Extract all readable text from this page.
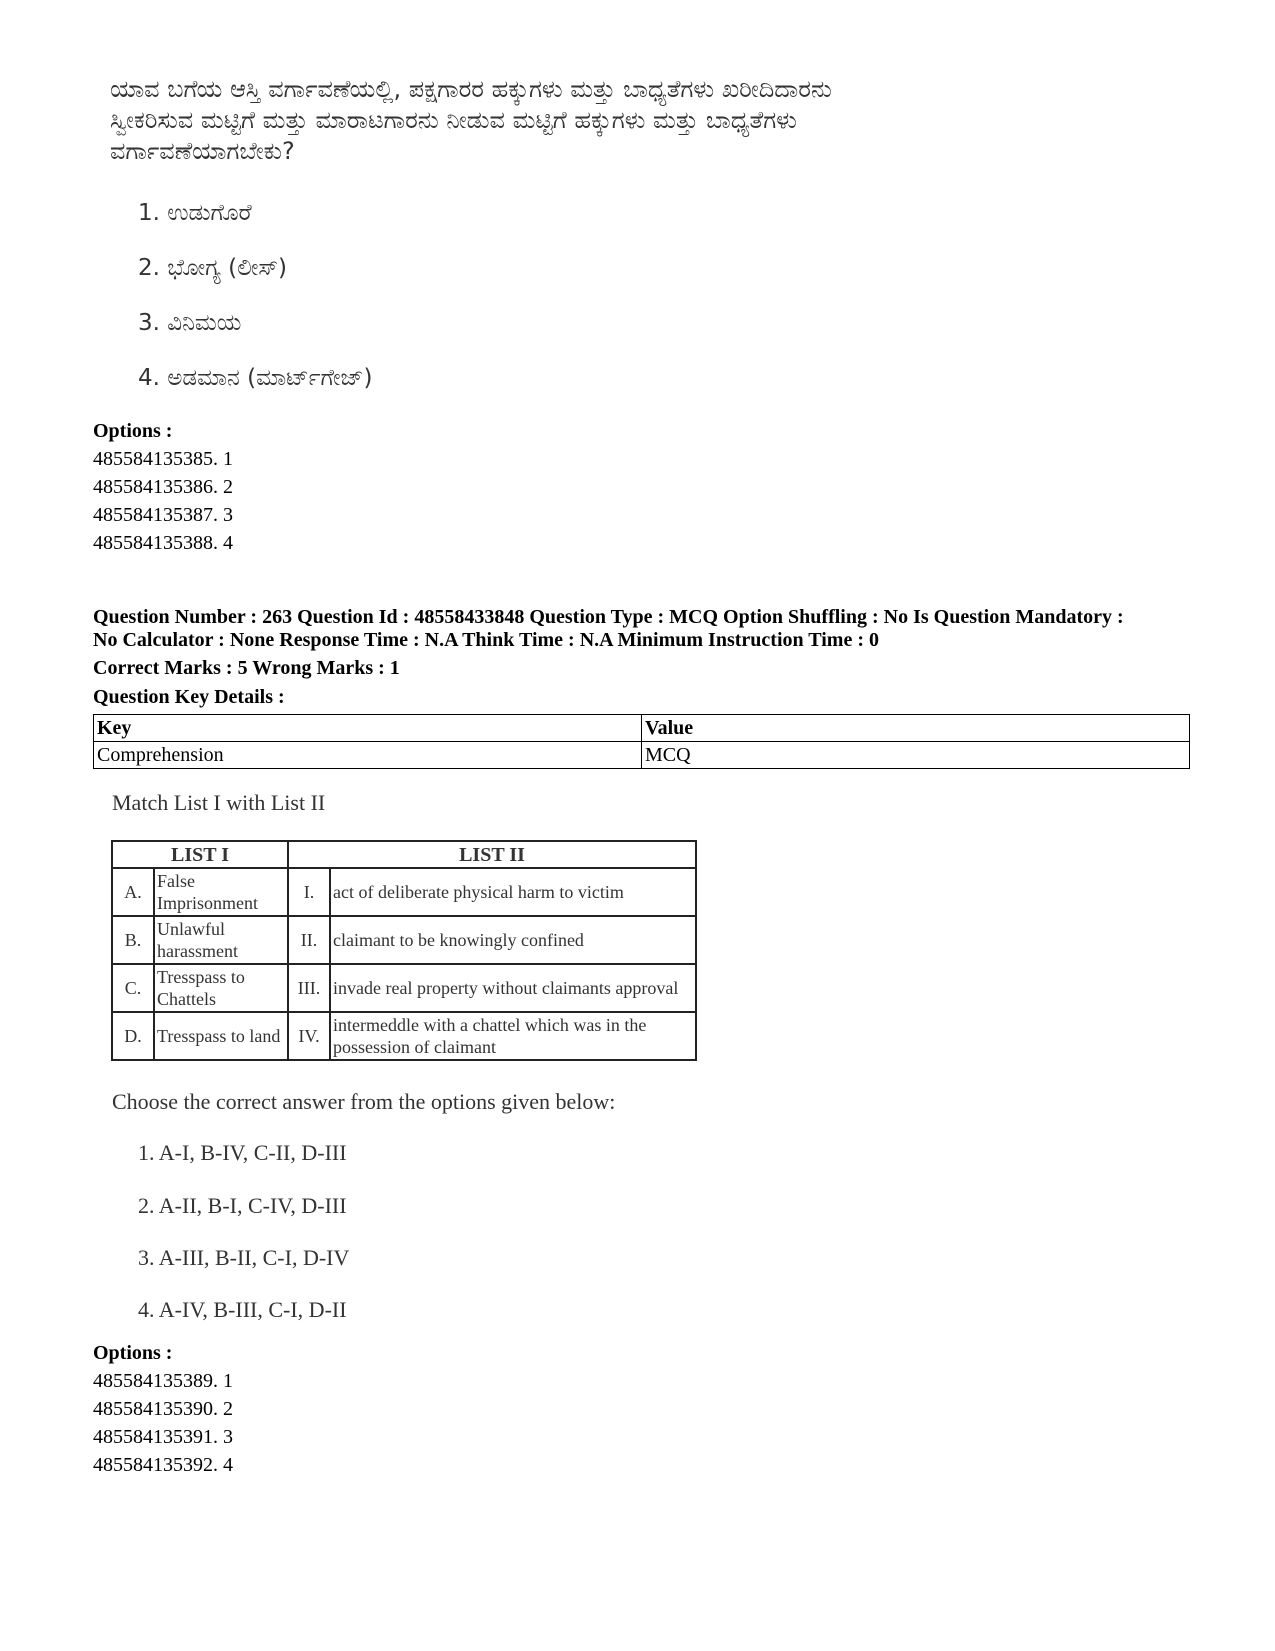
ಯಾವ ಬಗೆಯ ಆಸ್ತಿ ವರ್ಗಾವಣೆಯಲ್ಲಿ, ಪಕ್ಷಗಾರರ ಹಕ್ಕುಗಳು ಮತ್ತು ಬಾಧ್ಯತೆಗಳು ಖರೀದಿದಾರನು
ಸ್ವೀಕರಿಸುವ ಮಟ್ಟಿಗೆ ಮತ್ತು ಮಾರಾಟಗಾರನು ನೀಡುವ ಮಟ್ಟಿಗೆ ಹಕ್ಕುಗಳು ಮತ್ತು ಬಾಧ್ಯತೆಗಳು
ವರ್ಗಾವಣೆಯಾಗಬೇಕು?
1. ಉಡುಗೊರೆ
2. ಭೋಗ್ಯ (ಲೀಸ್)
3. ವಿನಿಮಯ
4. ಅಡಮಾನ (ಮಾರ್ಟ್‌ಗೇಜ್)
Options :
485584135385. 1
485584135386. 2
485584135387. 3
485584135388. 4
Question Number : 263 Question Id : 48558433848 Question Type : MCQ Option Shuffling : No Is Question Mandatory :
No Calculator : None Response Time : N.A Think Time : N.A Minimum Instruction Time : 0
Correct Marks : 5 Wrong Marks : 1
Question Key Details :
Key	Value
Comprehension	MCQ
Match List I with List II
LIST I		LIST II	
A.	False Imprisonment	I.	act of deliberate physical harm to victim
B.	Unlawful harassment	II.	claimant to be knowingly confined
C.	Tresspass to Chattels	III.	invade real property without claimants approval
D.	Tresspass to land	IV.	intermeddle with a chattel which was in the possession of claimant
Choose the correct answer from the options given below:
1. A-I, B-IV, C-II, D-III
2. A-II, B-I, C-IV, D-III
3. A-III, B-II, C-I, D-IV
4. A-IV, B-III, C-I, D-II
Options :
485584135389. 1
485584135390. 2
485584135391. 3
485584135392. 4
